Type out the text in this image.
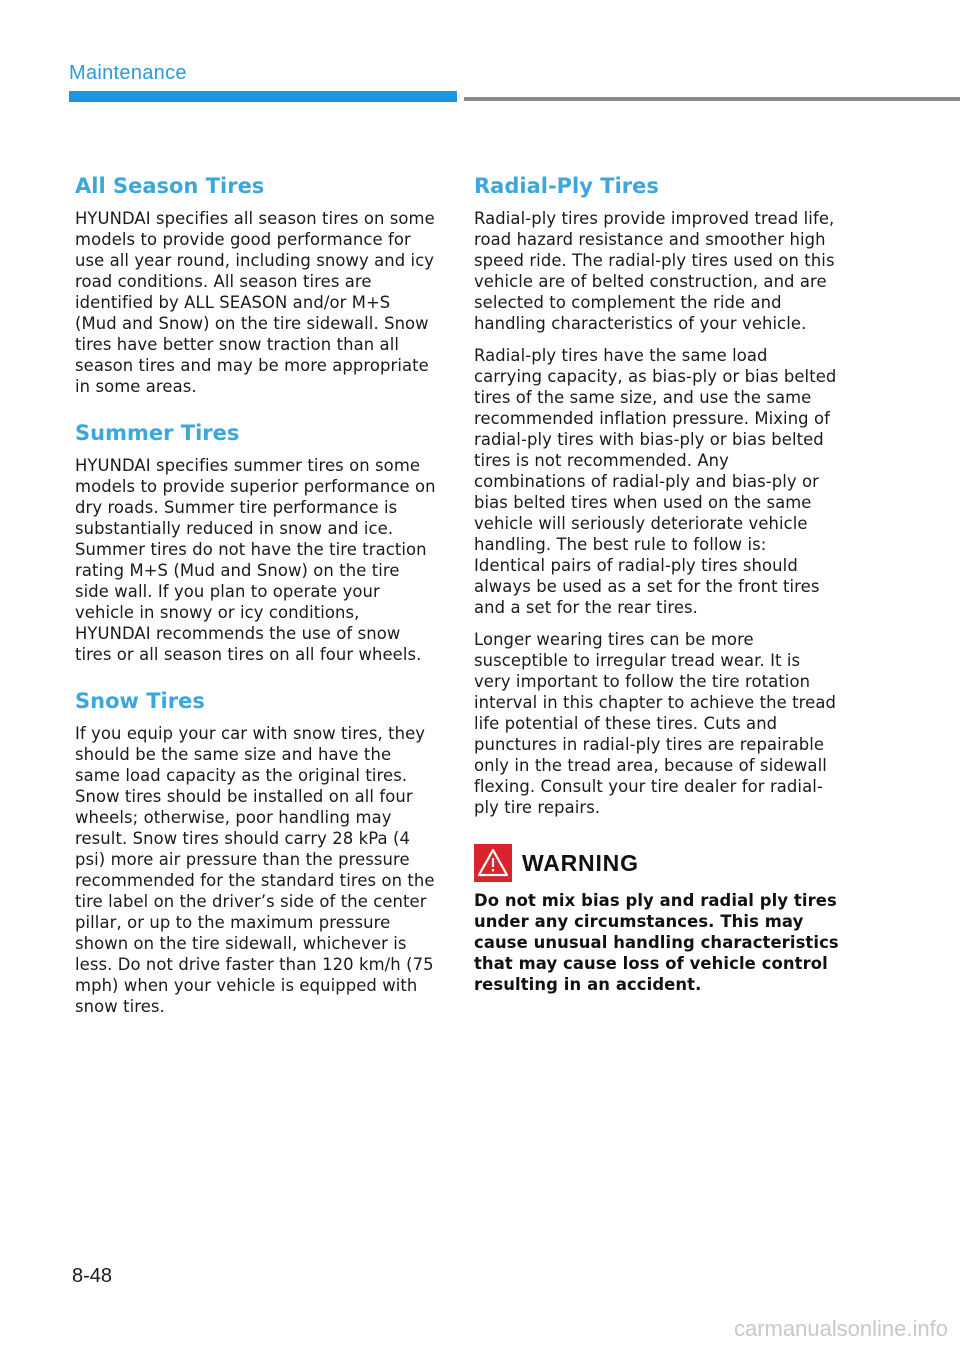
Maintenance
All Season Tires

HYUNDAI specifies all season tires on some models to provide good performance for use all year round, including snowy and icy road conditions. All season tires are identified by ALL SEASON and/or M+S (Mud and Snow) on the tire sidewall. Snow tires have better snow traction than all season tires and may be more appropriate in some areas.

Summer Tires

HYUNDAI specifies summer tires on some models to provide superior performance on dry roads. Summer tire performance is substantially reduced in snow and ice. Summer tires do not have the tire traction rating M+S (Mud and Snow) on the tire side wall. If you plan to operate your vehicle in snowy or icy conditions, HYUNDAI recommends the use of snow tires or all season tires on all four wheels.

Snow Tires

If you equip your car with snow tires, they should be the same size and have the same load capacity as the original tires. Snow tires should be installed on all four wheels; otherwise, poor handling may result. Snow tires should carry 28 kPa (4 psi) more air pressure than the pressure recommended for the standard tires on the tire label on the driver’s side of the center pillar, or up to the maximum pressure shown on the tire sidewall, whichever is less. Do not drive faster than 120 km/h (75 mph) when your vehicle is equipped with snow tires.

Radial-Ply Tires

Radial-ply tires provide improved tread life, road hazard resistance and smoother high speed ride. The radial-ply tires used on this vehicle are of belted construction, and are selected to complement the ride and handling characteristics of your vehicle.

Radial-ply tires have the same load carrying capacity, as bias-ply or bias belted tires of the same size, and use the same recommended inflation pressure. Mixing of radial-ply tires with bias-ply or bias belted tires is not recommended. Any combinations of radial-ply and bias-ply or bias belted tires when used on the same vehicle will seriously deteriorate vehicle handling. The best rule to follow is: Identical pairs of radial-ply tires should always be used as a set for the front tires and a set for the rear tires.

Longer wearing tires can be more susceptible to irregular tread wear. It is very important to follow the tire rotation interval in this chapter to achieve the tread life potential of these tires. Cuts and punctures in radial-ply tires are repairable only in the tread area, because of sidewall flexing. Consult your tire dealer for radial-ply tire repairs.

WARNING

Do not mix bias ply and radial ply tires under any circumstances. This may cause unusual handling characteristics that may cause loss of vehicle control resulting in an accident.

8-48
carmanualsonline.info
